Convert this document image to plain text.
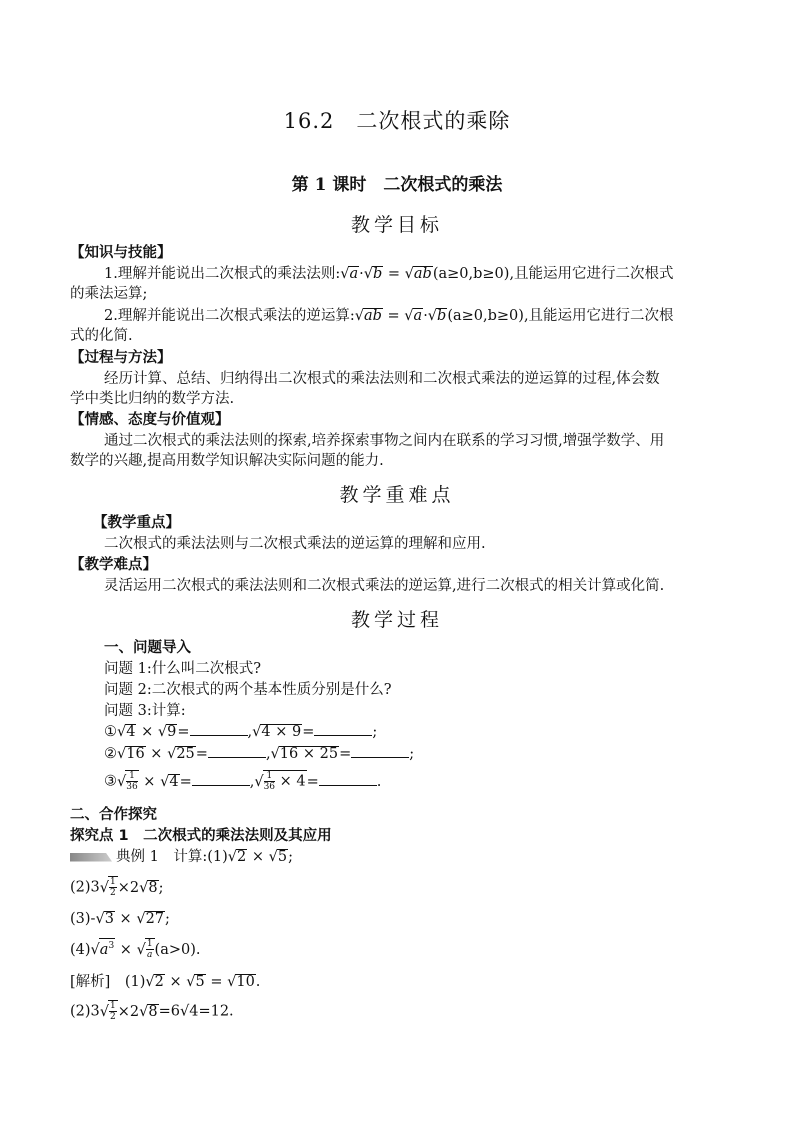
16.2　二次根式的乘除
第 1 课时　二次根式的乘法
教学目标
【知识与技能】
1.理解并能说出二次根式的乘法法则:√a·√b = √ab(a≥0,b≥0),且能运用它进行二次根式
的乘法运算;
2.理解并能说出二次根式乘法的逆运算:√ab = √a·√b(a≥0,b≥0),且能运用它进行二次根
式的化简.
【过程与方法】
经历计算、总结、归纳得出二次根式的乘法法则和二次根式乘法的逆运算的过程,体会数
学中类比归纳的数学方法.
【情感、态度与价值观】
通过二次根式的乘法法则的探索,培养探索事物之间内在联系的学习习惯,增强学数学、用
数学的兴趣,提高用数学知识解决实际问题的能力.
教学重难点
【教学重点】
二次根式的乘法法则与二次根式乘法的逆运算的理解和应用.
【教学难点】
灵活运用二次根式的乘法法则和二次根式乘法的逆运算,进行二次根式的相关计算或化简.
教学过程
一、问题导入
问题 1:什么叫二次根式?
问题 2:二次根式的两个基本性质分别是什么?
问题 3:计算:
①√4 × √9=	,√4 × 9=	;
②√16 × √25=	,√16 × 25=	;
③√ $\frac{1}{36} \times √4=$	,√ $\frac{1}{36} \times 4=$	.
二、合作探究
探究点 1　二次根式的乘法法则及其应用
典例 1　计算:(1)√2 × √5;
$(2)3√ \frac{1}{2} \times 2√8$;
(3)-√3 × √27;
$(4)√a^3$ × √ $\frac{1}{a} (a>0)$.
[解析]　 (1)√2 × √5 = √10.
$(2)3√ \frac{1}{2} \times 2√8=6√4=12$.
